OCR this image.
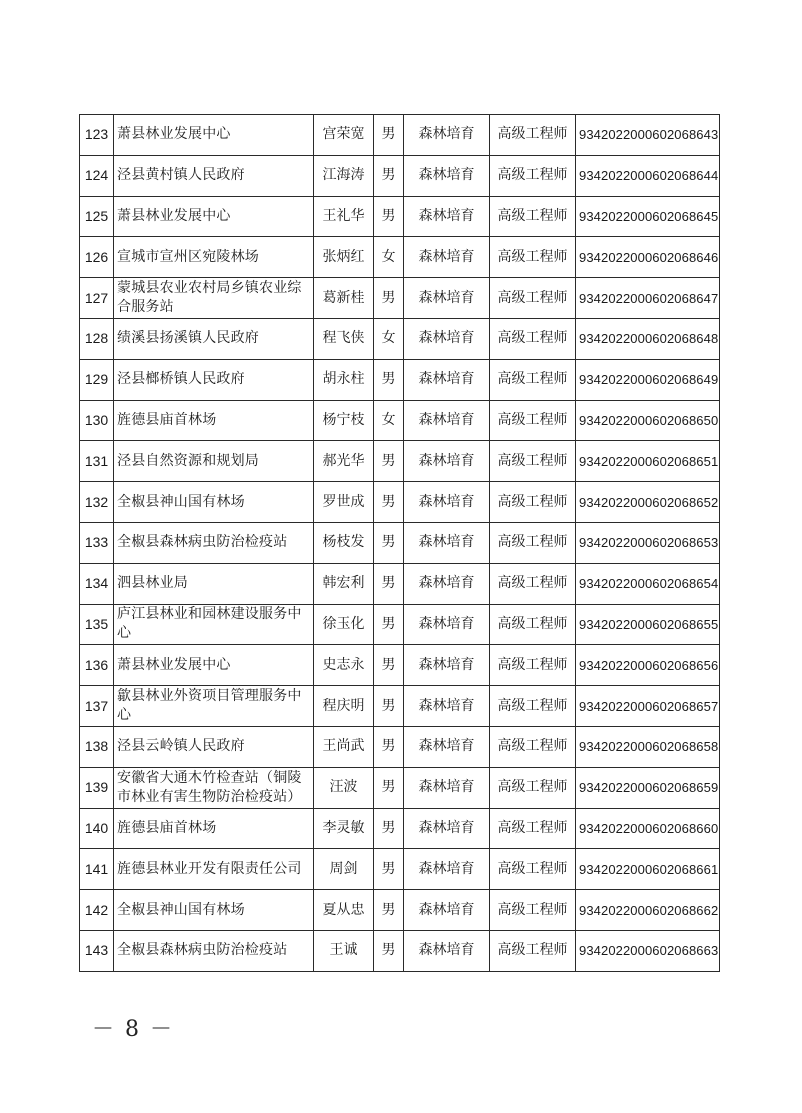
123	萧县林业发展中心	宫荣宽	男	森林培育	高级工程师	9342022000602068643
124	泾县黄村镇人民政府	江海涛	男	森林培育	高级工程师	9342022000602068644
125	萧县林业发展中心	王礼华	男	森林培育	高级工程师	9342022000602068645
126	宣城市宣州区宛陵林场	张炳红	女	森林培育	高级工程师	9342022000602068646
127	蒙城县农业农村局乡镇农业综合服务站	葛新桂	男	森林培育	高级工程师	9342022000602068647
128	绩溪县扬溪镇人民政府	程飞侠	女	森林培育	高级工程师	9342022000602068648
129	泾县榔桥镇人民政府	胡永柱	男	森林培育	高级工程师	9342022000602068649
130	旌德县庙首林场	杨宁枝	女	森林培育	高级工程师	9342022000602068650
131	泾县自然资源和规划局	郝光华	男	森林培育	高级工程师	9342022000602068651
132	全椒县神山国有林场	罗世成	男	森林培育	高级工程师	9342022000602068652
133	全椒县森林病虫防治检疫站	杨枝发	男	森林培育	高级工程师	9342022000602068653
134	泗县林业局	韩宏利	男	森林培育	高级工程师	9342022000602068654
135	庐江县林业和园林建设服务中心	徐玉化	男	森林培育	高级工程师	9342022000602068655
136	萧县林业发展中心	史志永	男	森林培育	高级工程师	9342022000602068656
137	歙县林业外资项目管理服务中心	程庆明	男	森林培育	高级工程师	9342022000602068657
138	泾县云岭镇人民政府	王尚武	男	森林培育	高级工程师	9342022000602068658
139	安徽省大通木竹检查站（铜陵市林业有害生物防治检疫站）	汪波	男	森林培育	高级工程师	9342022000602068659
140	旌德县庙首林场	李灵敏	男	森林培育	高级工程师	9342022000602068660
141	旌德县林业开发有限责任公司	周剑	男	森林培育	高级工程师	9342022000602068661
142	全椒县神山国有林场	夏从忠	男	森林培育	高级工程师	9342022000602068662
143	全椒县森林病虫防治检疫站	王诚	男	森林培育	高级工程师	9342022000602068663
－ 8 －
